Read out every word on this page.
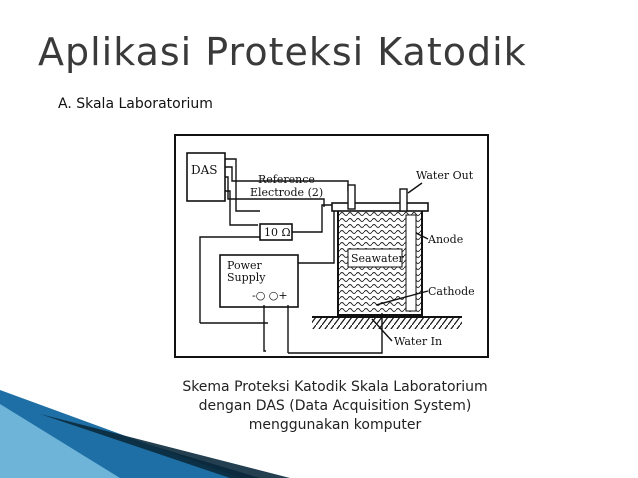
Aplikasi Proteksi Katodik
A. Skala Laboratorium
DAS
Reference
Electrode (2)
10 Ω
Power
Supply
-○ ○+
Seawater
Water Out
Anode
Cathode
Water In
Skema Proteksi Katodik Skala Laboratorium
dengan DAS (Data Acquisition System)
menggunakan komputer
